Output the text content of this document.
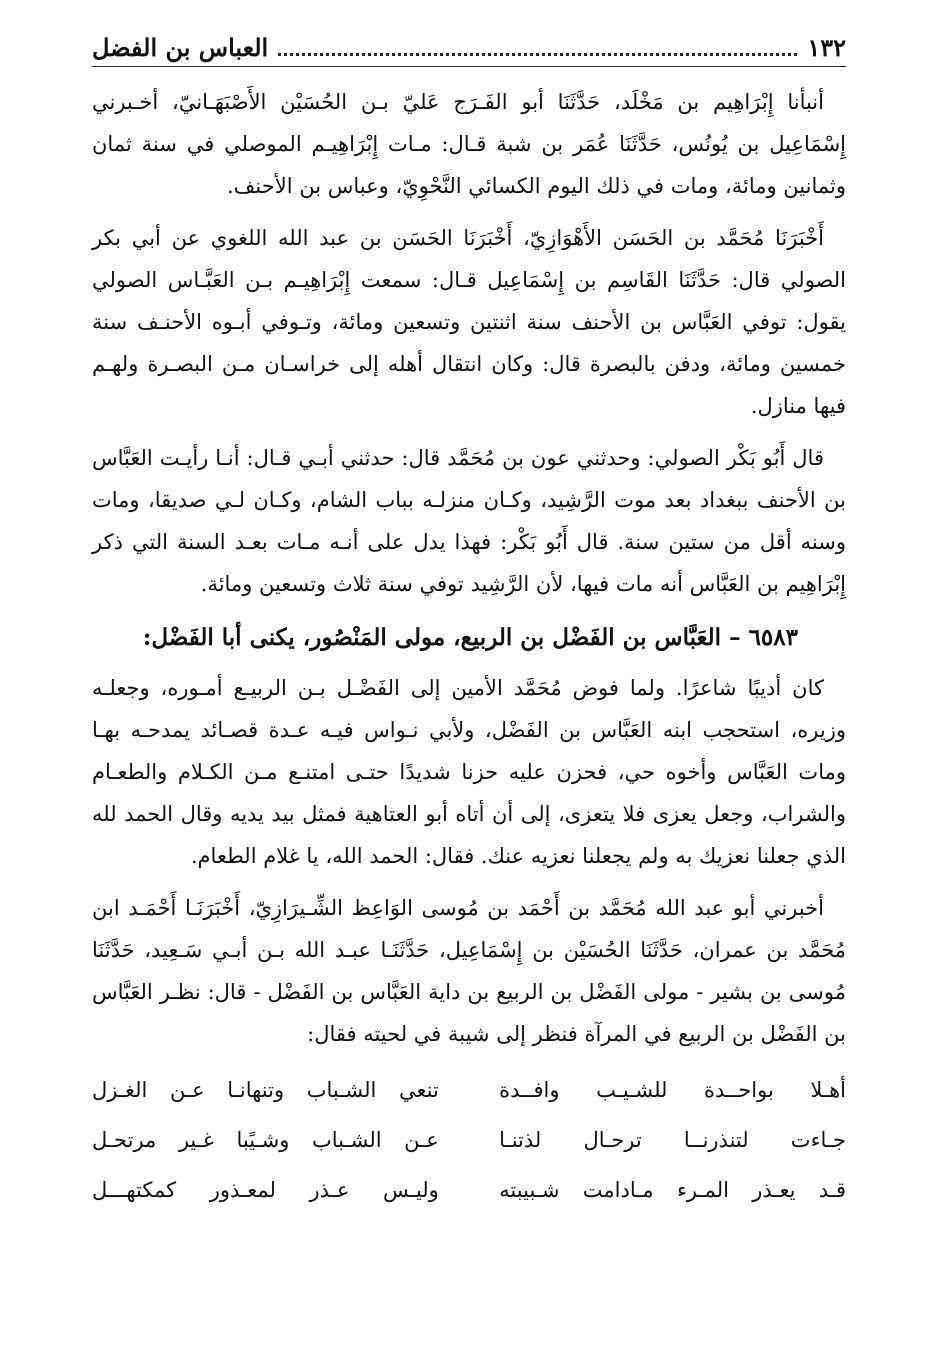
١٣٢
العباس بن الفضل

أنبأنا إِبْرَاهِيم بن مَخْلَد، حَدَّثَنَا أبو الفَـرَج عَليّ بـن الحُسَيْن الأَصْبَهَـانيّ، أخـبرني إِسْمَاعِيل بن يُونُس، حَدَّثَنَا عُمَر بن شبة قـال: مـات إِبْرَاهِيـم الموصلي في سنة ثمان وثمانين ومائة، ومات في ذلك اليوم الكسائي النَّحْوِيّ، وعباس بن الأحنف.

أَخْبَرَنَا مُحَمَّد بن الحَسَن الأَهْوَازِيّ، أَخْبَرَنَا الحَسَن بن عبد الله اللغوي عن أبي بكر الصولي قال: حَدَّثَنَا القَاسِم بن إِسْمَاعِيل قـال: سمعت إِبْرَاهِيـم بـن العَبَّـاس الصولي يقول: توفي العَبَّاس بن الأحنف سنة اثنتين وتسعين ومائة، وتـوفي أبـوه الأحنـف سنة خمسين ومائة، ودفن بالبصرة قال: وكان انتقال أهله إلى خراسـان مـن البصـرة ولهـم فيها منازل.

قال أَبُو بَكْر الصولي: وحدثني عون بن مُحَمَّد قال: حدثني أبـي قـال: أنـا رأيـت العَبَّاس بن الأحنف ببغداد بعد موت الرَّشِيد، وكـان منزلـه بباب الشام، وكـان لـي صديقا، ومات وسنه أقل من ستين سنة. قال أَبُو بَكْر: فهذا يدل على أنـه مـات بعـد السنة التي ذكر إِبْرَاهِيم بن العَبَّاس أنه مات فيها، لأن الرَّشِيد توفي سنة ثلاث وتسعين ومائة.

٦٥٨٣ – العَبَّاس بن الفَضْل بن الربيع، مولى المَنْصُور، يكنى أبا الفَضْل:

كان أديبًا شاعرًا. ولما فوض مُحَمَّد الأمين إلى الفَضْـل بـن الربيـع أمـوره، وجعلـه وزيره، استحجب ابنه العَبَّاس بن الفَضْل، ولأبي نـواس فيـه عـدة قصـائد يمدحـه بهـا ومات العَبَّاس وأخوه حي، فحزن عليه حزنا شديدًا حتـى امتنـع مـن الكـلام والطعـام والشراب، وجعل يعزى فلا يتعزى، إلى أن أتاه أبو العتاهية فمثل بيد يديه وقال الحمد لله الذي جعلنا نعزيك به ولم يجعلنا نعزيه عنك. فقال: الحمد الله، يا غلام الطعام.

أخبرني أبو عبد الله مُحَمَّد بن أَحْمَد بن مُوسى الوَاعِظ الشِّـيرَازِيّ، أَخْبَرَنَـا أَحْمَـد ابن مُحَمَّد بن عمران، حَدَّثَنَا الحُسَيْن بن إِسْمَاعِيل، حَدَّثَنَـا عبـد الله بـن أبـي سَـعِيد، حَدَّثَنَا مُوسى بن بشير - مولى الفَضْل بن الربيع بن داية العَبَّاس بن الفَضْل - قال: نظـر العَبَّاس بن الفَضْل بن الربيع في المرآة فنظر إلى شيبة في لحيته فقال:

أهـلا بواحــدة للشـيـب وافــدة
تنعي الشـباب وتنهانـا عـن الغـزل
جـاءت لتنذرنــا ترحـال لذتنـا
عـن الشـباب وشـيًبا غـير مرتحـل
قـد يعـذر المـرء مـادامت شـبيبته
وليـس عـذر لمعـذور كمكتهـــل
